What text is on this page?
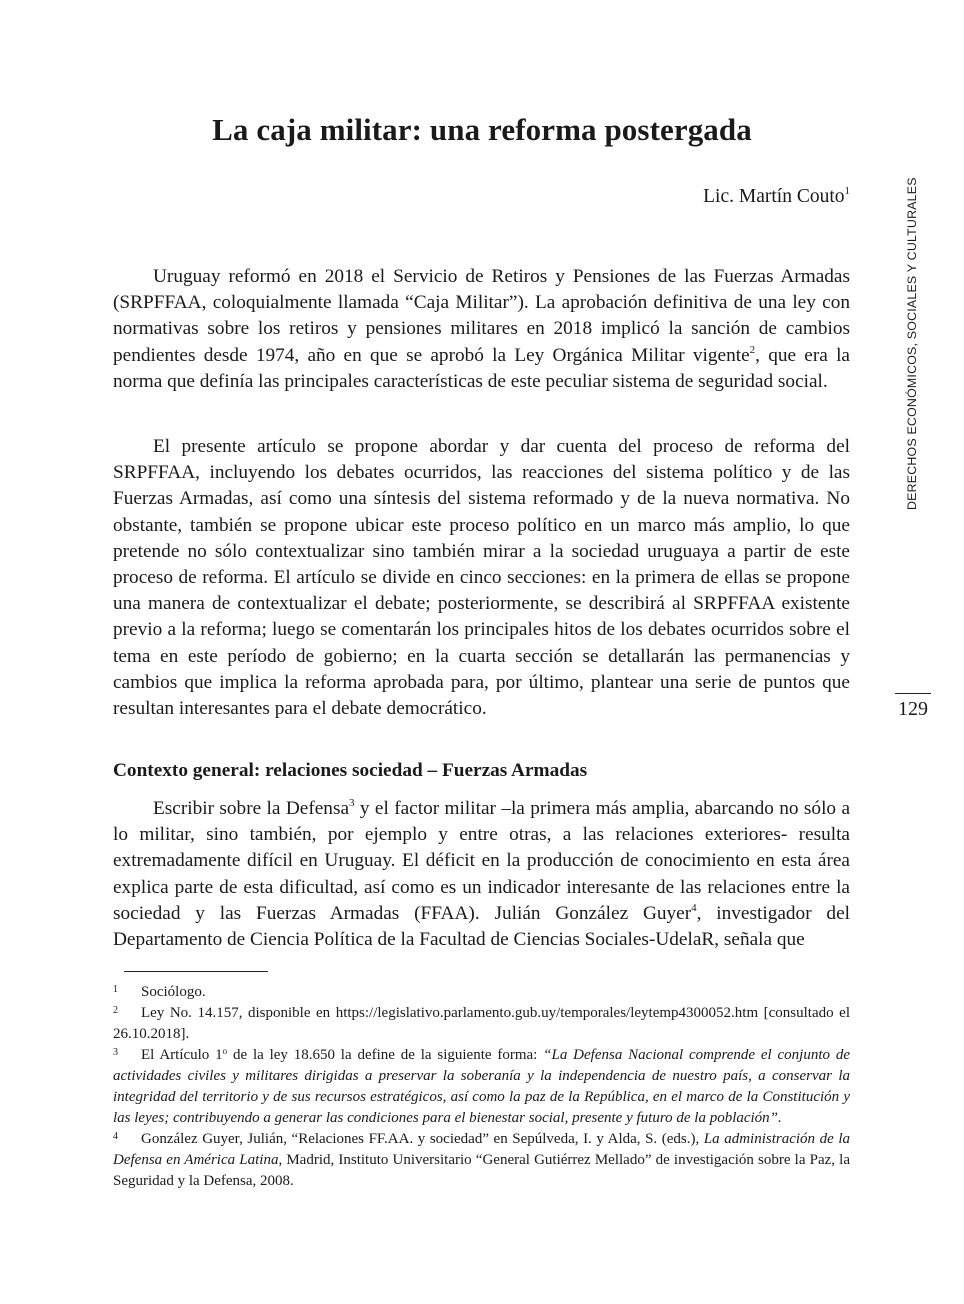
La caja militar: una reforma postergada
Lic. Martín Couto$^1$	DERECHOS ECONÓMICOS, SOCIALES Y CULTURALES
129

Uruguay reformó en 2018 el Servicio de Retiros y Pensiones de las Fuerzas Armadas (SRPFFAA, coloquialmente llamada “Caja Militar”). La aprobación definitiva de una ley con normativas sobre los retiros y pensiones militares en 2018 implicó la sanción de cambios pendientes desde 1974, año en que se aprobó la Ley Orgánica Militar vigente$^2$, que era la norma que definía las principales características de este peculiar sistema de seguridad social.

El presente artículo se propone abordar y dar cuenta del proceso de reforma del SRPFFAA, incluyendo los debates ocurridos, las reacciones del sistema político y de las Fuerzas Armadas, así como una síntesis del sistema reformado y de la nueva normativa. No obstante, también se propone ubicar este proceso político en un marco más amplio, lo que pretende no sólo contextualizar sino también mirar a la sociedad uruguaya a partir de este proceso de reforma. El artículo se divide en cinco secciones: en la primera de ellas se propone una manera de contextualizar el debate; posteriormente, se describirá al SRPFFAA existente previo a la reforma; luego se comentarán los principales hitos de los debates ocurridos sobre el tema en este período de gobierno; en la cuarta sección se detallarán las permanencias y cambios que implica la reforma aprobada para, por último, plantear una serie de puntos que resultan interesantes para el debate democrático.

Contexto general: relaciones sociedad – Fuerzas Armadas

Escribir sobre la Defensa$^3$ y el factor militar –la primera más amplia, abarcando no sólo a lo militar, sino también, por ejemplo y entre otras, a las relaciones exteriores- resulta extremadamente difícil en Uruguay. El déficit en la producción de conocimiento en esta área explica parte de esta dificultad, así como es un indicador interesante de las relaciones entre la sociedad y las Fuerzas Armadas (FFAA). Julián González Guyer$^4$, investigador del Departamento de Ciencia Política de la Facultad de Ciencias Sociales-UdelaR, señala que

1 Sociólogo.

2 Ley No. 14.157, disponible en https://legislativo.parlamento.gub.uy/temporales/leytemp4300052.htm [consultado el 26.10.2018].

3 El Artículo 1$^o$ de la ley 18.650 la define de la siguiente forma: “La Defensa Nacional comprende el conjunto de actividades civiles y militares dirigidas a preservar la soberanía y la independencia de nuestro país, a conservar la integridad del territorio y de sus recursos estratégicos, así como la paz de la República, en el marco de la Constitución y las leyes; contribuyendo a generar las condiciones para el bienestar social, presente y futuro de la población”.

4 González Guyer, Julián, “Relaciones FF.AA. y sociedad” en Sepúlveda, I. y Alda, S. (eds.), La administración de la Defensa en América Latina, Madrid, Instituto Universitario “General Gutiérrez Mellado” de investigación sobre la Paz, la Seguridad y la Defensa, 2008.
